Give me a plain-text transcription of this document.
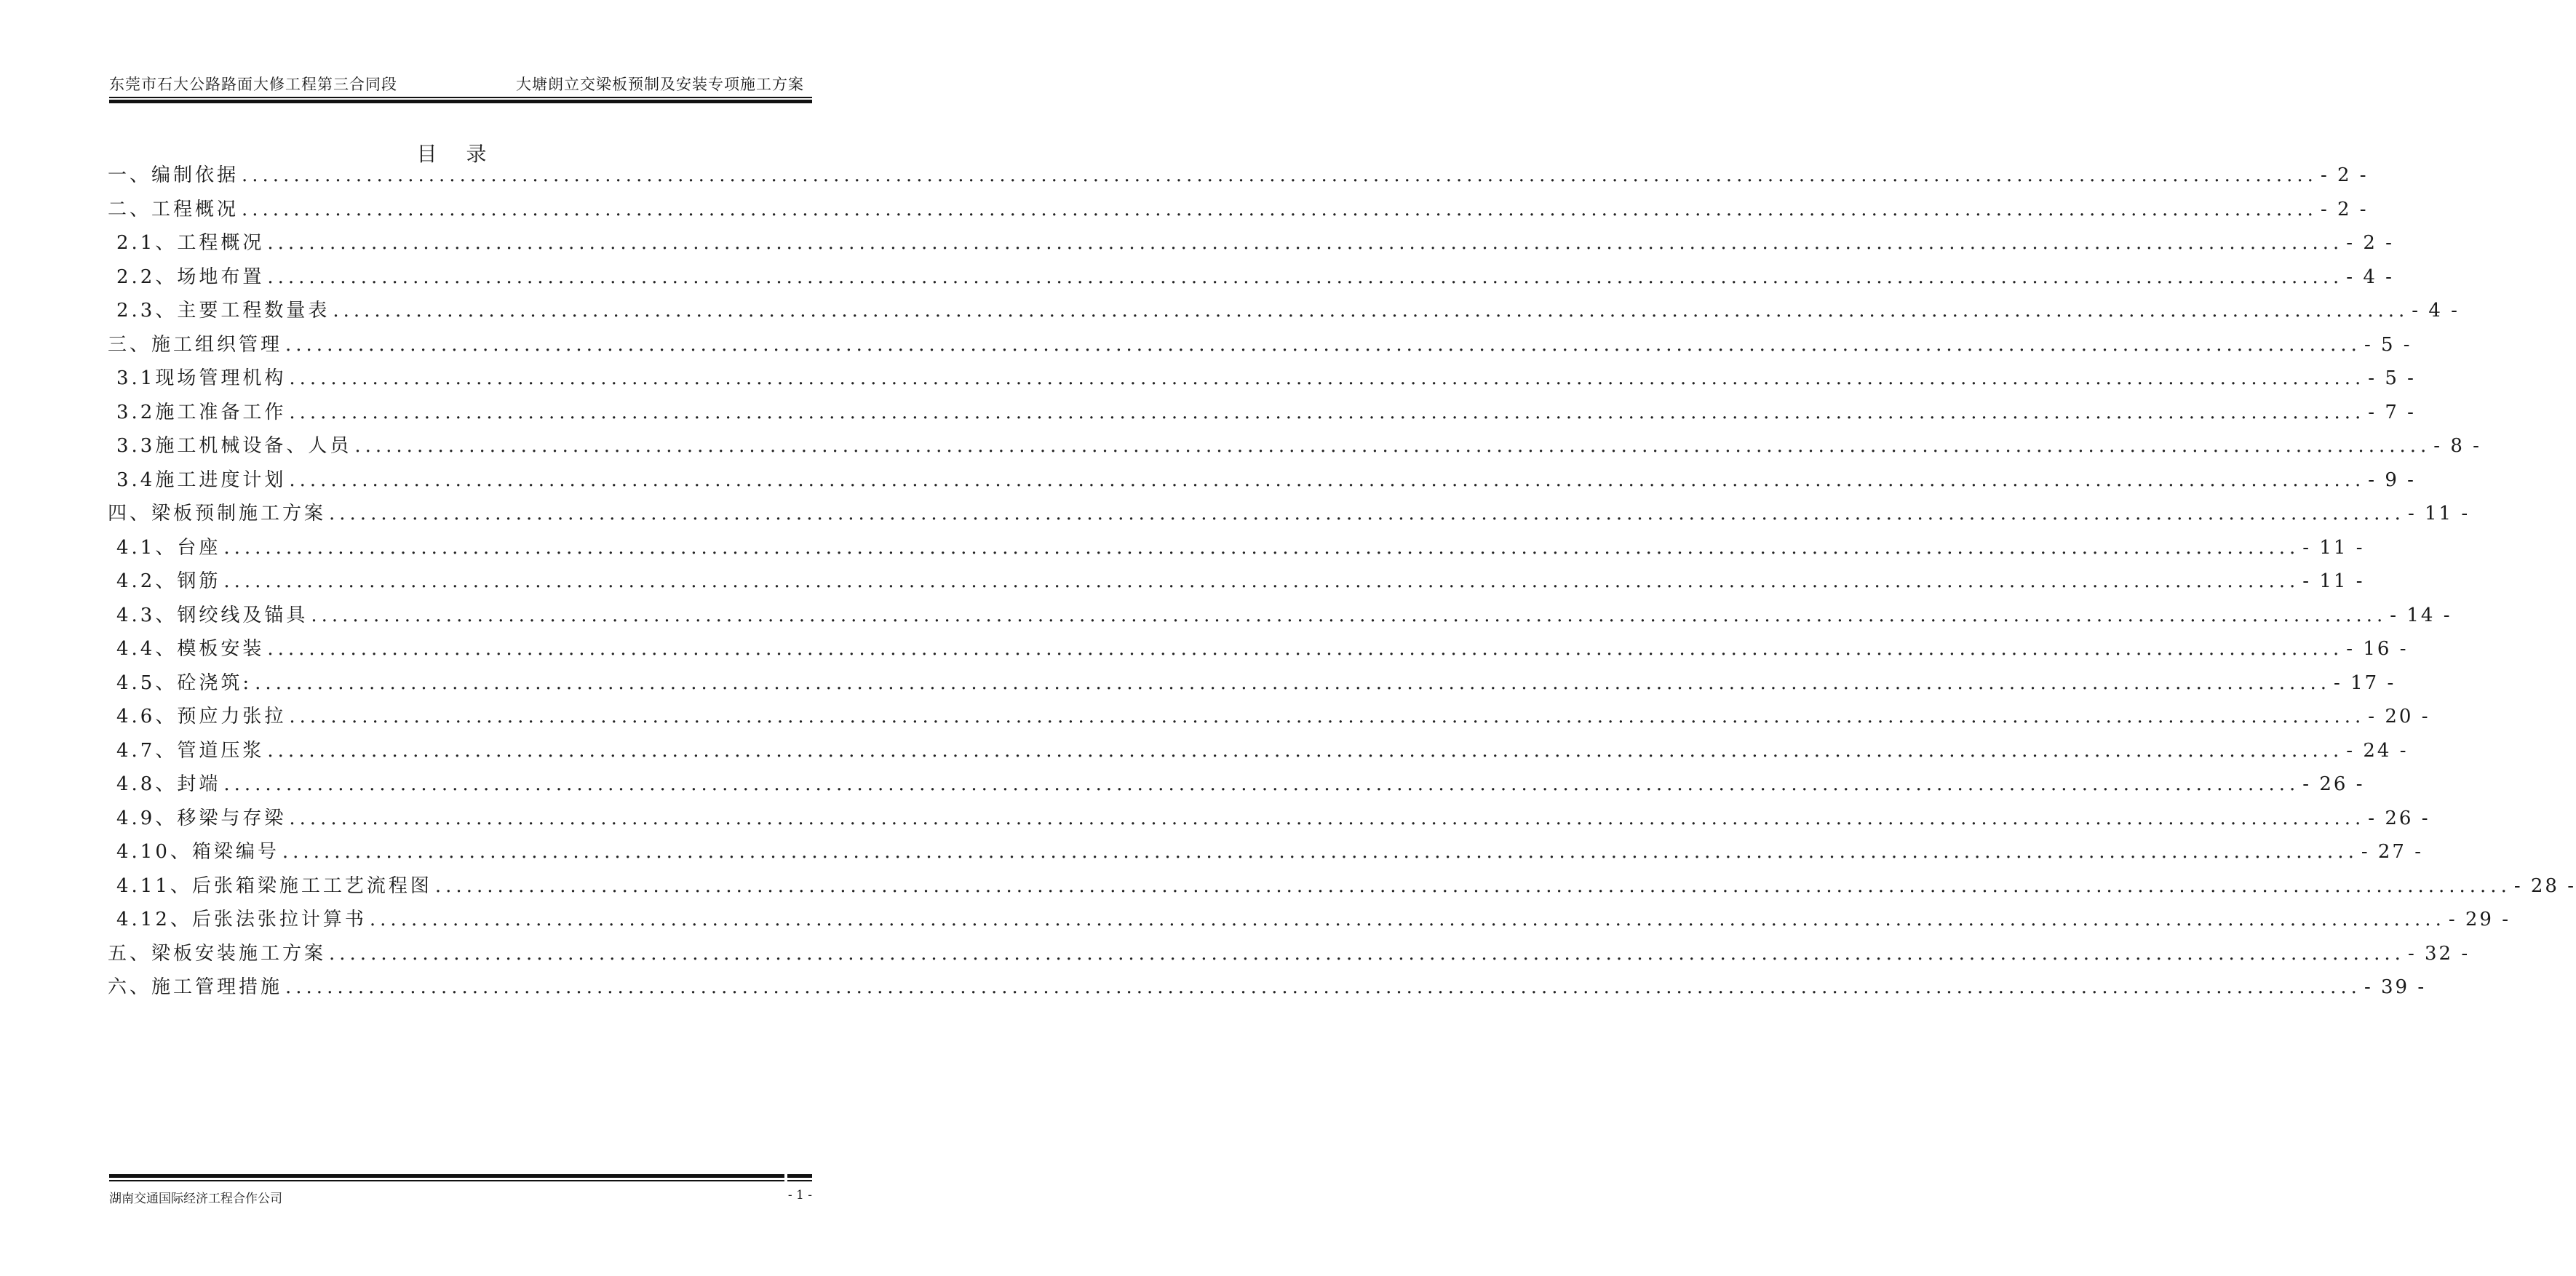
东莞市石大公路路面大修工程第三合同段	大塘朗立交梁板预制及安装专项施工方案
目录
一、编制依据 ........................................................................................................................................................................................................ - 2 -
二、工程概况 ........................................................................................................................................................................................................ - 2 -
2.1、工程概况 ........................................................................................................................................................................................................ - 2 -
2.2、场地布置 ........................................................................................................................................................................................................ - 4 -
2.3、主要工程数量表 ........................................................................................................................................................................................................ - 4 -
三、施工组织管理 ........................................................................................................................................................................................................ - 5 -
3.1现场管理机构 ........................................................................................................................................................................................................ - 5 -
3.2施工准备工作 ........................................................................................................................................................................................................ - 7 -
3.3施工机械设备、人员 ........................................................................................................................................................................................................ - 8 -
3.4施工进度计划 ........................................................................................................................................................................................................ - 9 -
四、梁板预制施工方案 ........................................................................................................................................................................................................ - 11 -
4.1、台座 ........................................................................................................................................................................................................ - 11 -
4.2、钢筋 ........................................................................................................................................................................................................ - 11 -
4.3、钢绞线及锚具 ........................................................................................................................................................................................................ - 14 -
4.4、模板安装 ........................................................................................................................................................................................................ - 16 -
4.5、砼浇筑: ........................................................................................................................................................................................................ - 17 -
4.6、预应力张拉 ........................................................................................................................................................................................................ - 20 -
4.7、管道压浆 ........................................................................................................................................................................................................ - 24 -
4.8、封端 ........................................................................................................................................................................................................ - 26 -
4.9、移梁与存梁 ........................................................................................................................................................................................................ - 26 -
4.10、箱梁编号 ........................................................................................................................................................................................................ - 27 -
4.11、后张箱梁施工工艺流程图 ........................................................................................................................................................................................................ - 28 -
4.12、后张法张拉计算书 ........................................................................................................................................................................................................ - 29 -
五、梁板安装施工方案 ........................................................................................................................................................................................................ - 32 -
六、施工管理措施 ........................................................................................................................................................................................................ - 39 -
湖南交通国际经济工程合作公司	- 1 -
